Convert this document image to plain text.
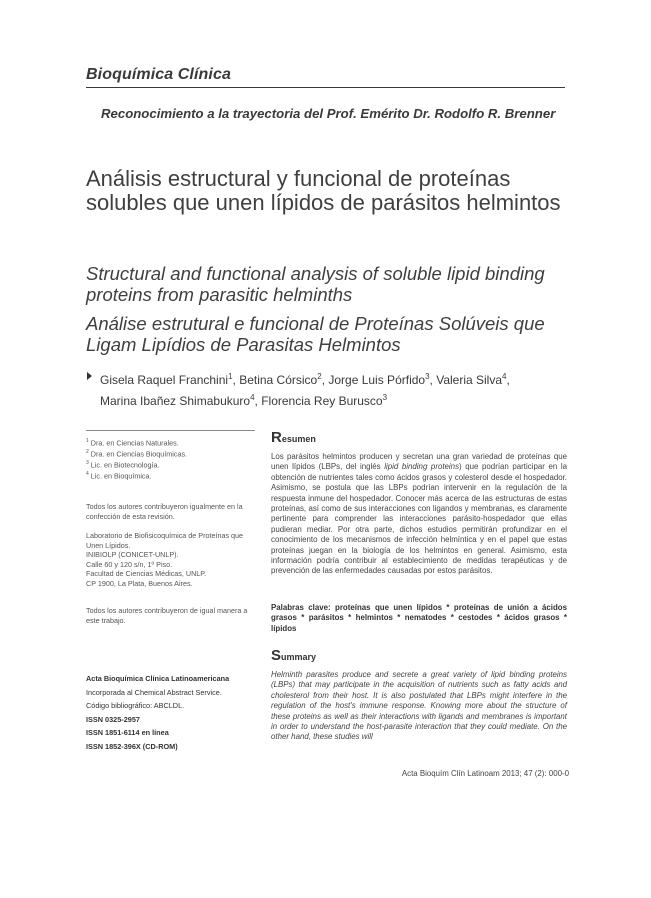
Bioquímica Clínica
Reconocimiento a la trayectoria del Prof. Emérito Dr. Rodolfo R. Brenner
Análisis estructural y funcional de proteínas solubles que unen lípidos de parásitos helmintos
Structural and functional analysis of soluble lipid binding proteins from parasitic helminths
Análise estrutural e funcional de Proteínas Solúveis que Ligam Lipídios de Parasitas Helmintos
Gisela Raquel Franchini$^1$, Betina Córsico$^2$, Jorge Luis Pórfido$^3$, Valeria Silva$^4$,
Marina Ibañez Shimabukuro$^4$, Florencia Rey Burusco$^3$
$^1$ Dra. en Ciencias Naturales.
$^2$ Dra. en Ciencias Bioquímicas.
$^3$ Lic. en Biotecnología.
$^4$ Lic. en Bioquímica.
Todos los autores contribuyeron igualmente en la confección de esta revisión.
Laboratorio de Biofisicoquímica de Proteínas que
Unen Lípidos.
INIBIOLP (CONICET-UNLP).
Calle 60 y 120 s/n, 1º Piso.
Facultad de Ciencias Médicas, UNLP.
CP 1900, La Plata, Buenos Aires.
Todos los autores contribuyeron de igual manera a este trabajo.
Acta Bioquímica Clínica Latinoamericana
Incorporada al Chemical Abstract Service.
Código bibliográfico: ABCLDL.
ISSN 0325-2957
ISSN 1851-6114 en línea
ISSN 1852-396X (CD-ROM)
Resumen
Los parásitos helmintos producen y secretan una gran variedad de proteínas que unen lípidos (LBPs, del inglés lipid binding proteins) que podrían participar en la obtención de nutrientes tales como ácidos grasos y colesterol desde el hospedador. Asimismo, se postula que las LBPs podrían intervenir en la regulación de la respuesta inmune del hospedador. Conocer más acerca de las estructuras de estas proteínas, así como de sus interacciones con ligandos y membranas, es claramente pertinente para comprender las interacciones parásito-hospedador que ellas pudieran mediar. Por otra parte, dichos estudios permitirán profundizar en el conocimiento de los mecanismos de infección helmíntica y en el papel que estas proteínas juegan en la biología de los helmintos en general. Asimismo, esta información podría contribuir al establecimiento de medidas terapéuticas y de prevención de las enfermedades causadas por estos parásitos.
Palabras clave: proteínas que unen lípidos * proteínas de unión a ácidos grasos * parásitos * helmintos * nematodes * cestodes * ácidos grasos * lípidos
Summary
Helminth parasites produce and secrete a great variety of lipid binding proteins (LBPs) that may participate in the acquisition of nutrients such as fatty acids and cholesterol from their host. It is also postulated that LBPs might interfere in the regulation of the host's immune response. Knowing more about the structure of these proteins as well as their interactions with ligands and membranes is important in order to understand the host-parasite interaction that they could mediate. On the other hand, these studies will
Acta Bioquím Clín Latinoam 2013; 47 (2): 000-0
